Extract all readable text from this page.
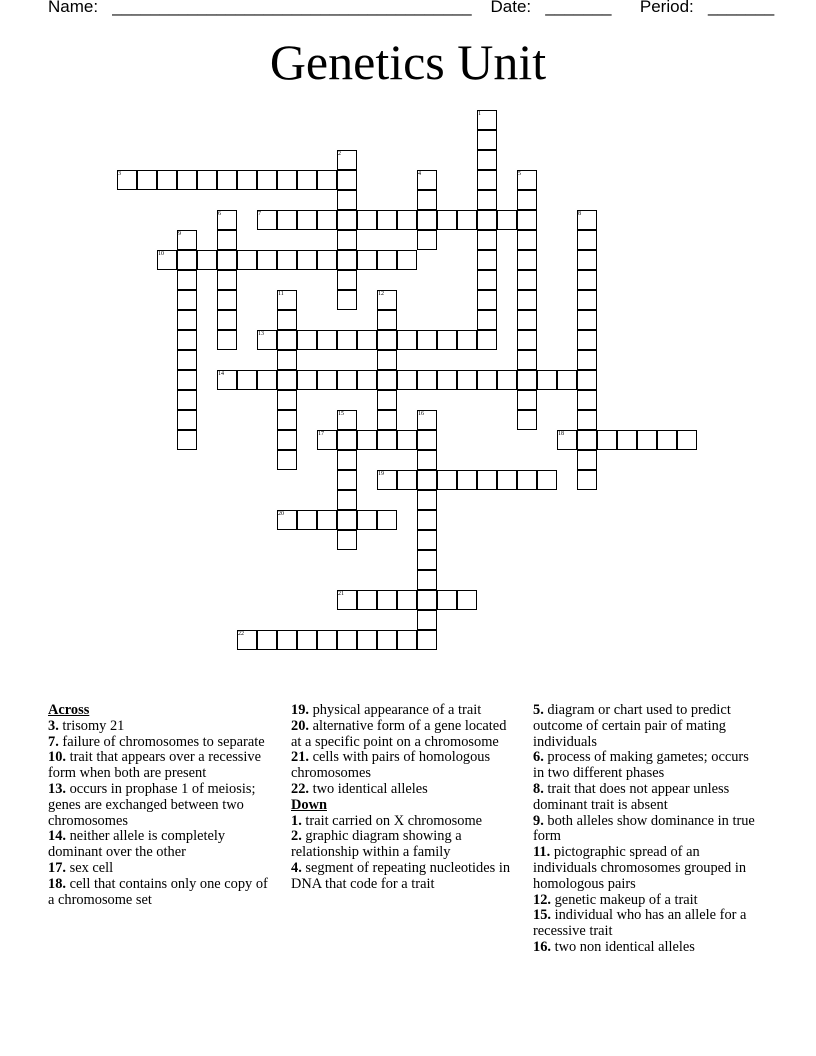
Name: ______________________________________ Date: _______ Period: _______
Genetics Unit
1
2
3	4	5
6	7	8
9
10
11	12
13
14
15	16
17	18
19
20
21
22
Across
3. trisomy 21
7. failure of chromosomes to separate
10. trait that appears over a recessive form when both are present
13. occurs in prophase 1 of meiosis; genes are exchanged between two chromosomes
14. neither allele is completely dominant over the other
17. sex cell
18. cell that contains only one copy of a chromosome set
19. physical appearance of a trait
20. alternative form of a gene located at a specific point on a chromosome
21. cells with pairs of homologous chromosomes
22. two identical alleles
Down
1. trait carried on X chromosome
2. graphic diagram showing a relationship within a family
4. segment of repeating nucleotides in DNA that code for a trait
5. diagram or chart used to predict outcome of certain pair of mating individuals
6. process of making gametes; occurs in two different phases
8. trait that does not appear unless dominant trait is absent
9. both alleles show dominance in true form
11. pictographic spread of an individuals chromosomes grouped in homologous pairs
12. genetic makeup of a trait
15. individual who has an allele for a recessive trait
16. two non identical alleles
